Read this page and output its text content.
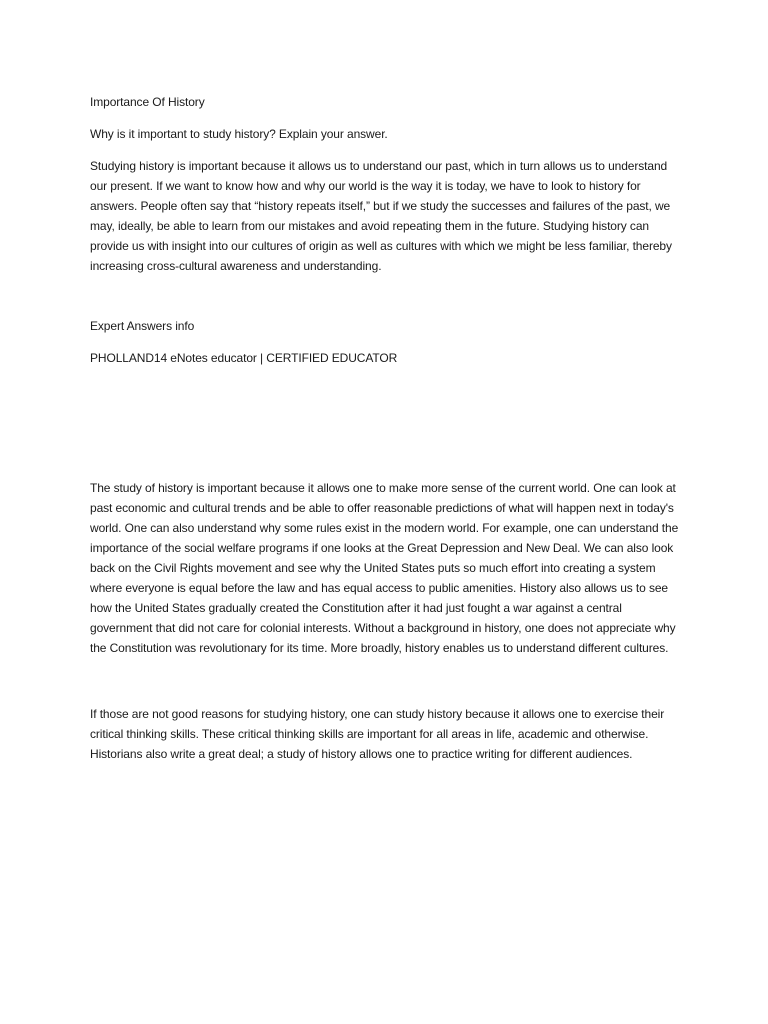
Importance Of History

Why is it important to study history? Explain your answer.

Studying history is important because it allows us to understand our past, which in turn allows us to understand our present. If we want to know how and why our world is the way it is today, we have to look to history for answers. People often say that “history repeats itself,” but if we study the successes and failures of the past, we may, ideally, be able to learn from our mistakes and avoid repeating them in the future. Studying history can provide us with insight into our cultures of origin as well as cultures with which we might be less familiar, thereby increasing cross-cultural awareness and understanding.

Expert Answers info

PHOLLAND14 eNotes educator | CERTIFIED EDUCATOR

The study of history is important because it allows one to make more sense of the current world. One can look at past economic and cultural trends and be able to offer reasonable predictions of what will happen next in today's world. One can also understand why some rules exist in the modern world. For example, one can understand the importance of the social welfare programs if one looks at the Great Depression and New Deal. We can also look back on the Civil Rights movement and see why the United States puts so much effort into creating a system where everyone is equal before the law and has equal access to public amenities. History also allows us to see how the United States gradually created the Constitution after it had just fought a war against a central government that did not care for colonial interests. Without a background in history, one does not appreciate why the Constitution was revolutionary for its time. More broadly, history enables us to understand different cultures.

If those are not good reasons for studying history, one can study history because it allows one to exercise their critical thinking skills. These critical thinking skills are important for all areas in life, academic and otherwise. Historians also write a great deal; a study of history allows one to practice writing for different audiences.
